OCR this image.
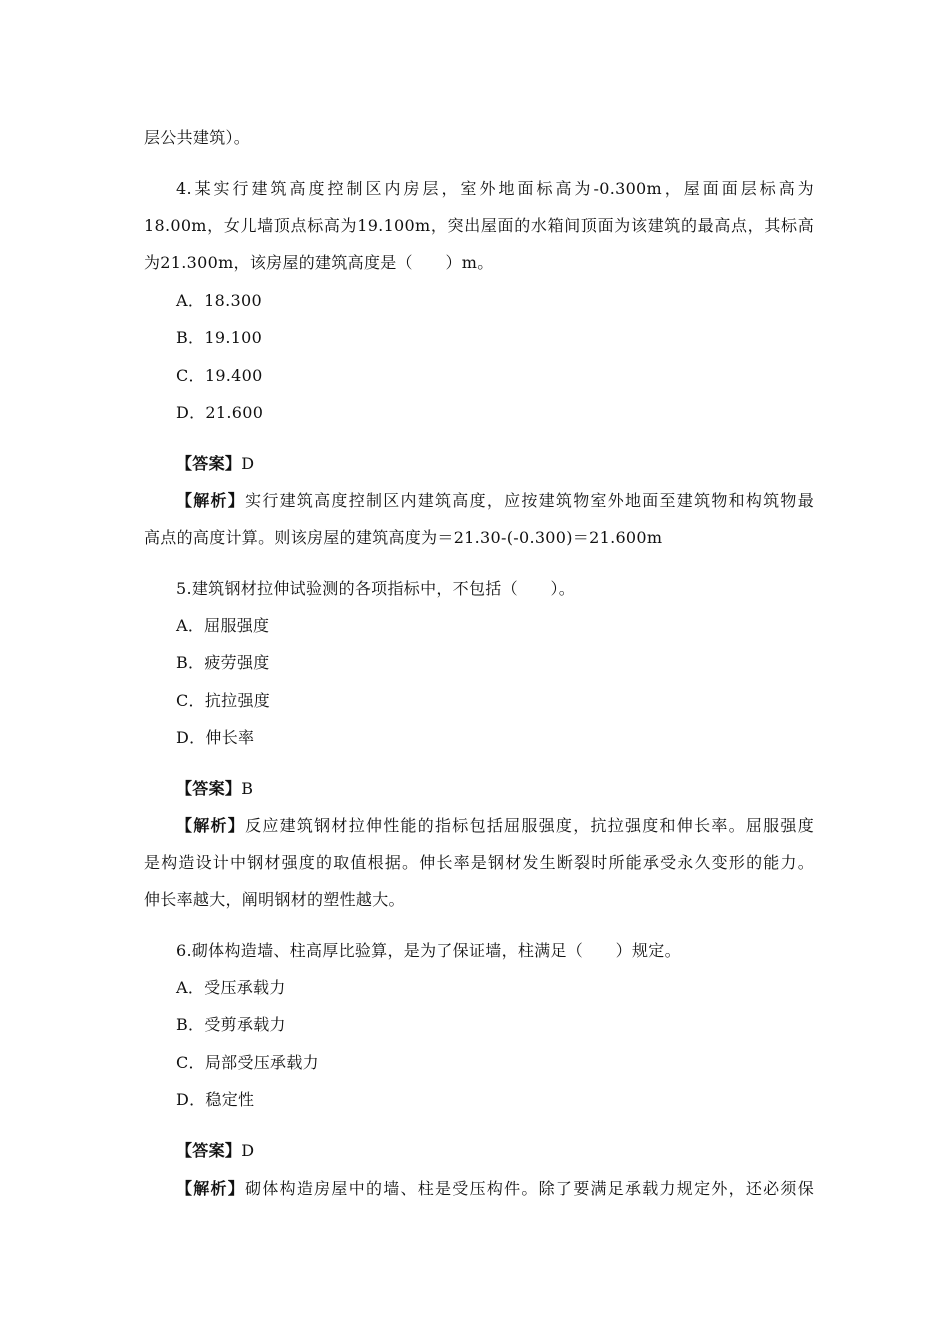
层公共建筑）。
4.某实行建筑高度控制区内房层，室外地面标高为-0.300m，屋面面层标高为
18.00m，女儿墙顶点标高为19.100m，突出屋面的水箱间顶面为该建筑的最高点，其标高
为21.300m，该房屋的建筑高度是（　　）m。
A．18.300
B．19.100
C．19.400
D．21.600
【答案】D
【解析】实行建筑高度控制区内建筑高度，应按建筑物室外地面至建筑物和构筑物最
高点的高度计算。则该房屋的建筑高度为＝21.30-(-0.300)＝21.600m
5.建筑钢材拉伸试验测的各项指标中，不包括（　　）。
A．屈服强度
B．疲劳强度
C．抗拉强度
D．伸长率
【答案】B
【解析】反应建筑钢材拉伸性能的指标包括屈服强度，抗拉强度和伸长率。屈服强度
是构造设计中钢材强度的取值根据。伸长率是钢材发生断裂时所能承受永久变形的能力。
伸长率越大，阐明钢材的塑性越大。
6.砌体构造墙、柱高厚比验算，是为了保证墙，柱满足（　　）规定。
A．受压承载力
B．受剪承载力
C．局部受压承载力
D．稳定性
【答案】D
【解析】砌体构造房屋中的墙、柱是受压构件。除了要满足承载力规定外，还必须保
